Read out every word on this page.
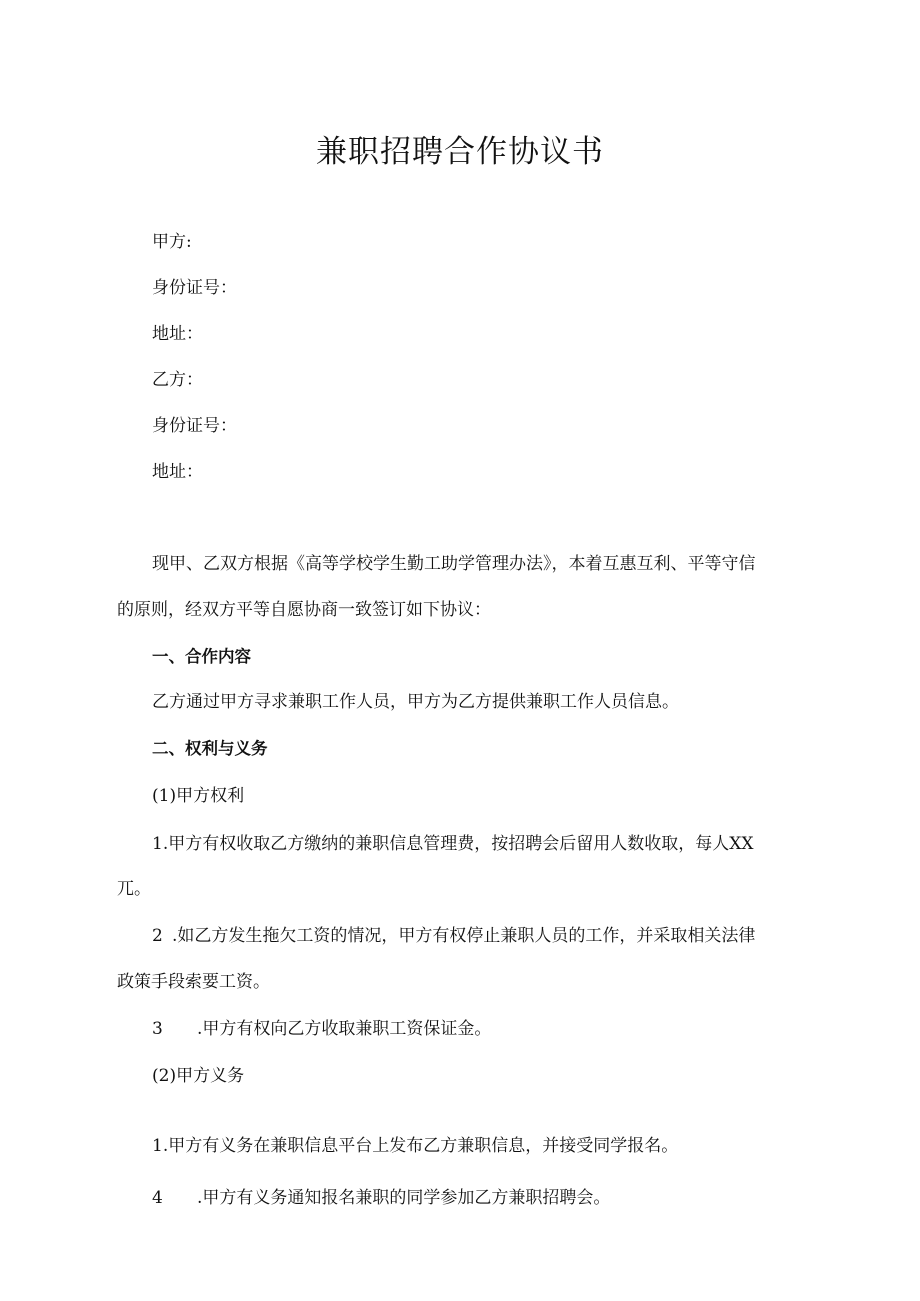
兼职招聘合作协议书

甲方:

身份证号：

地址：

乙方：

身份证号：

地址：

现甲、乙双方根据《高等学校学生勤工助学管理办法》，本着互惠互利、平等守信

的原则，经双方平等自愿协商一致签订如下协议：

一、合作内容

乙方通过甲方寻求兼职工作人员，甲方为乙方提供兼职工作人员信息。

二、权利与义务

(1)甲方权利

1.甲方有权收取乙方缴纳的兼职信息管理费，按招聘会后留用人数收取，每人XX

兀。

2 .如乙方发生拖欠工资的情况，甲方有权停止兼职人员的工作，并采取相关法律

政策手段索要工资。

3 .甲方有权向乙方收取兼职工资保证金。

(2)甲方义务

1.甲方有义务在兼职信息平台上发布乙方兼职信息，并接受同学报名。

4 .甲方有义务通知报名兼职的同学参加乙方兼职招聘会。
